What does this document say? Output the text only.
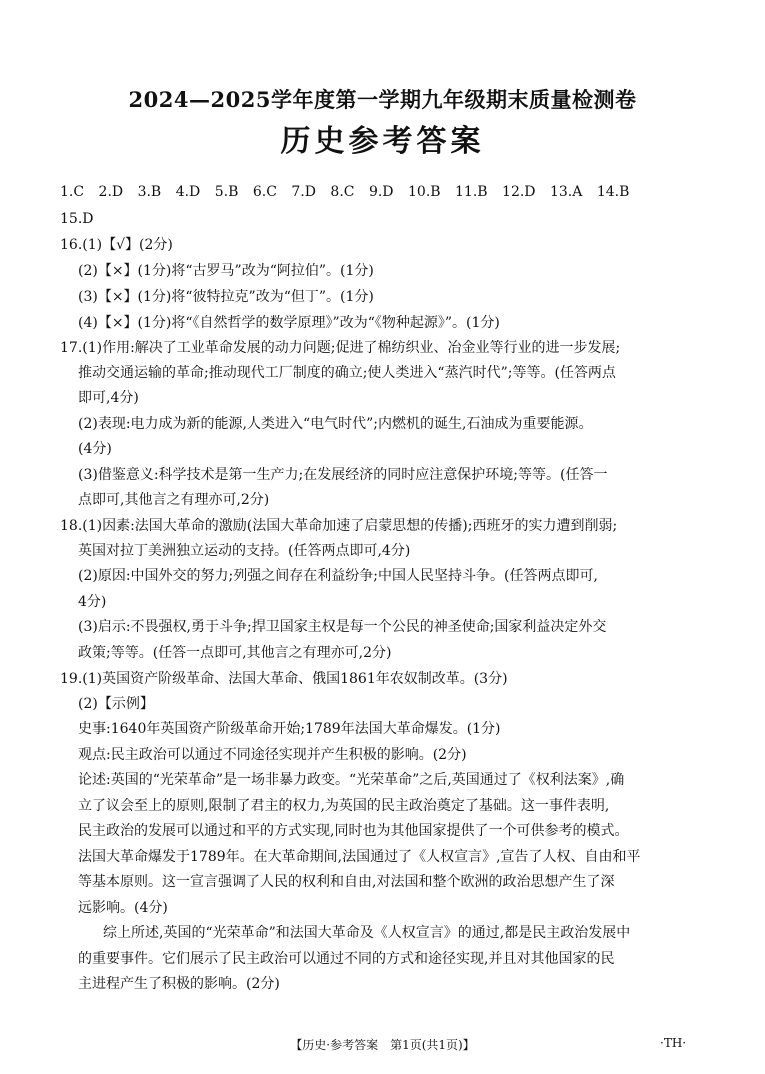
2024—2025学年度第一学期九年级期末质量检测卷
历史参考答案
1.C 2.D 3.B 4.D 5.B 6.C 7.D 8.C 9.D 10.B 11.B 12.D 13.A 14.B
15.D
16.(1)【√】(2分)
(2)【×】(1分)将“古罗马”改为“阿拉伯”。(1分)
(3)【×】(1分)将“彼特拉克”改为“但丁”。(1分)
(4)【×】(1分)将“《自然哲学的数学原理》”改为“《物种起源》”。(1分)
17.(1)作用:解决了工业革命发展的动力问题;促进了棉纺织业、冶金业等行业的进一步发展;
推动交通运输的革命;推动现代工厂制度的确立;使人类进入“蒸汽时代”;等等。(任答两点
即可,4分)
(2)表现:电力成为新的能源,人类进入“电气时代”;内燃机的诞生,石油成为重要能源。
(4分)
(3)借鉴意义:科学技术是第一生产力;在发展经济的同时应注意保护环境;等等。(任答一
点即可,其他言之有理亦可,2分)
18.(1)因素:法国大革命的激励(法国大革命加速了启蒙思想的传播);西班牙的实力遭到削弱;
英国对拉丁美洲独立运动的支持。(任答两点即可,4分)
(2)原因:中国外交的努力;列强之间存在利益纷争;中国人民坚持斗争。(任答两点即可,
4分)
(3)启示:不畏强权,勇于斗争;捍卫国家主权是每一个公民的神圣使命;国家利益决定外交
政策;等等。(任答一点即可,其他言之有理亦可,2分)
19.(1)英国资产阶级革命、法国大革命、俄国1861年农奴制改革。(3分)
(2)【示例】
史事:1640年英国资产阶级革命开始;1789年法国大革命爆发。(1分)
观点:民主政治可以通过不同途径实现并产生积极的影响。(2分)
论述:英国的“光荣革命”是一场非暴力政变。“光荣革命”之后,英国通过了《权利法案》,确
立了议会至上的原则,限制了君主的权力,为英国的民主政治奠定了基础。这一事件表明,
民主政治的发展可以通过和平的方式实现,同时也为其他国家提供了一个可供参考的模式。
法国大革命爆发于1789年。在大革命期间,法国通过了《人权宣言》,宣告了人权、自由和平
等基本原则。这一宣言强调了人民的权利和自由,对法国和整个欧洲的政治思想产生了深
远影响。(4分)
综上所述,英国的“光荣革命”和法国大革命及《人权宣言》的通过,都是民主政治发展中
的重要事件。它们展示了民主政治可以通过不同的方式和途径实现,并且对其他国家的民
主进程产生了积极的影响。(2分)
【历史·参考答案　第1页(共1页)】	·TH·
